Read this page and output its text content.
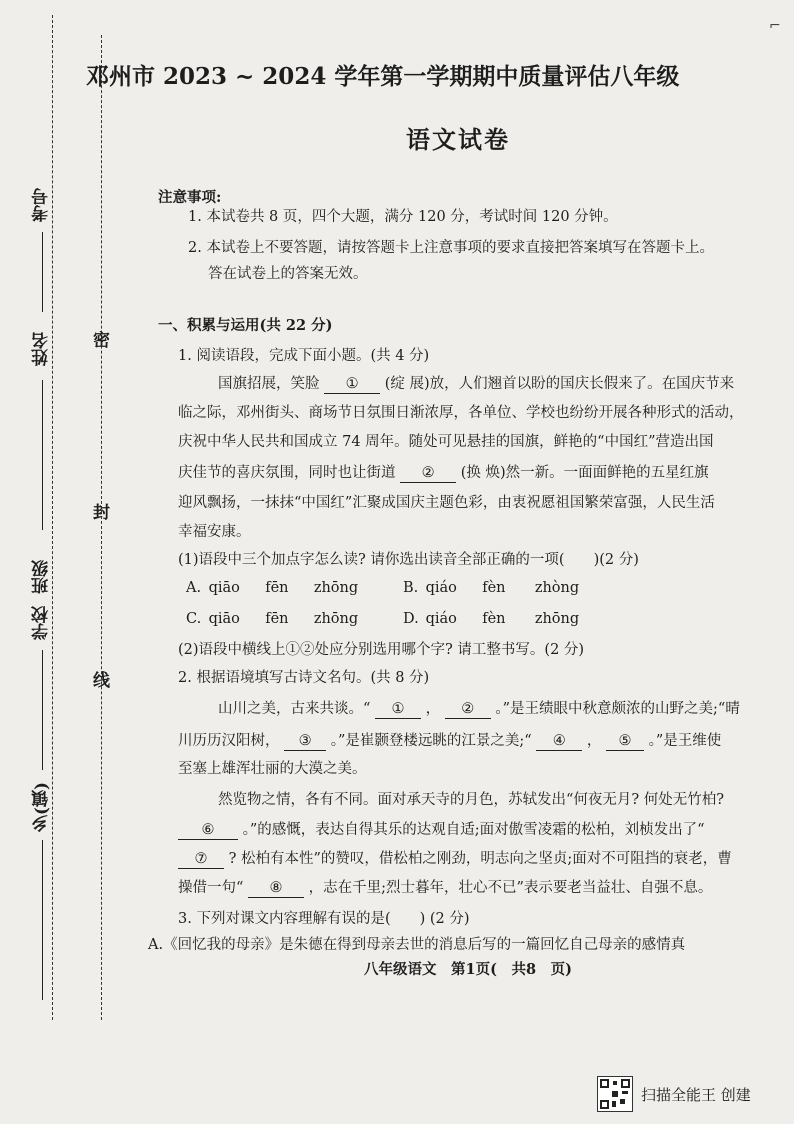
考号
姓名
班级
学校
乡(镇)
密
封
线
⌐
邓州市 2023 ~ 2024 学年第一学期期中质量评估八年级
语文试卷
注意事项:
1. 本试卷共 8 页，四个大题，满分 120 分，考试时间 120 分钟。
2. 本试卷上不要答题，请按答题卡上注意事项的要求直接把答案填写在答题卡上。
答在试卷上的答案无效。
一、积累与运用(共 22 分)
1. 阅读语段，完成下面小题。(共 4 分)
国旗招展，笑脸 ① (绽 展)放，人们翘首以盼的国庆长假来了。在国庆节来
临之际，邓州街头、商场节日氛围日渐浓厚，各单位、学校也纷纷开展各种形式的活动，
庆祝中华人民共和国成立 74 周年。随处可见悬挂的国旗，鲜艳的“中国红”营造出国
庆佳节的喜庆氛围，同时也让街道 ② (换 焕)然一新。一面面鲜艳的五星红旗
迎风飘扬，一抹抹“中国红”汇聚成国庆主题色彩，由衷祝愿祖国繁荣富强，人民生活
幸福安康。
(1)语段中三个加点字怎么读? 请你选出读音全部正确的一项(　　)(2 分)
A. qiāo fēn zhōng	B. qiáo fèn zhòng
C. qiāo fēn zhōng	D. qiáo fèn zhōng
(2)语段中横线上①②处应分别选用哪个字? 请工整书写。(2 分)
2. 根据语境填写古诗文名句。(共 8 分)
山川之美，古来共谈。“ ① ， ② 。”是王绩眼中秋意颇浓的山野之美;“晴
川历历汉阳树， ③ 。”是崔颢登楼远眺的江景之美;“ ④ ， ⑤ 。”是王维使
至塞上雄浑壮丽的大漠之美。
然览物之情，各有不同。面对承天寺的月色，苏轼发出“何夜无月? 何处无竹柏?
⑥ 。”的感慨，表达自得其乐的达观自适;面对傲雪凌霜的松柏，刘桢发出了“
⑦ ? 松柏有本性”的赞叹，借松柏之刚劲，明志向之坚贞;面对不可阻挡的衰老，曹
操借一句“ ⑧ ，志在千里;烈士暮年，壮心不已”表示要老当益壮、自强不息。
3. 下列对课文内容理解有误的是(　　) (2 分)
A.《回忆我的母亲》是朱德在得到母亲去世的消息后写的一篇回忆自己母亲的感情真
八年级语文　第1页(　共8　页)
扫描全能王 创建
